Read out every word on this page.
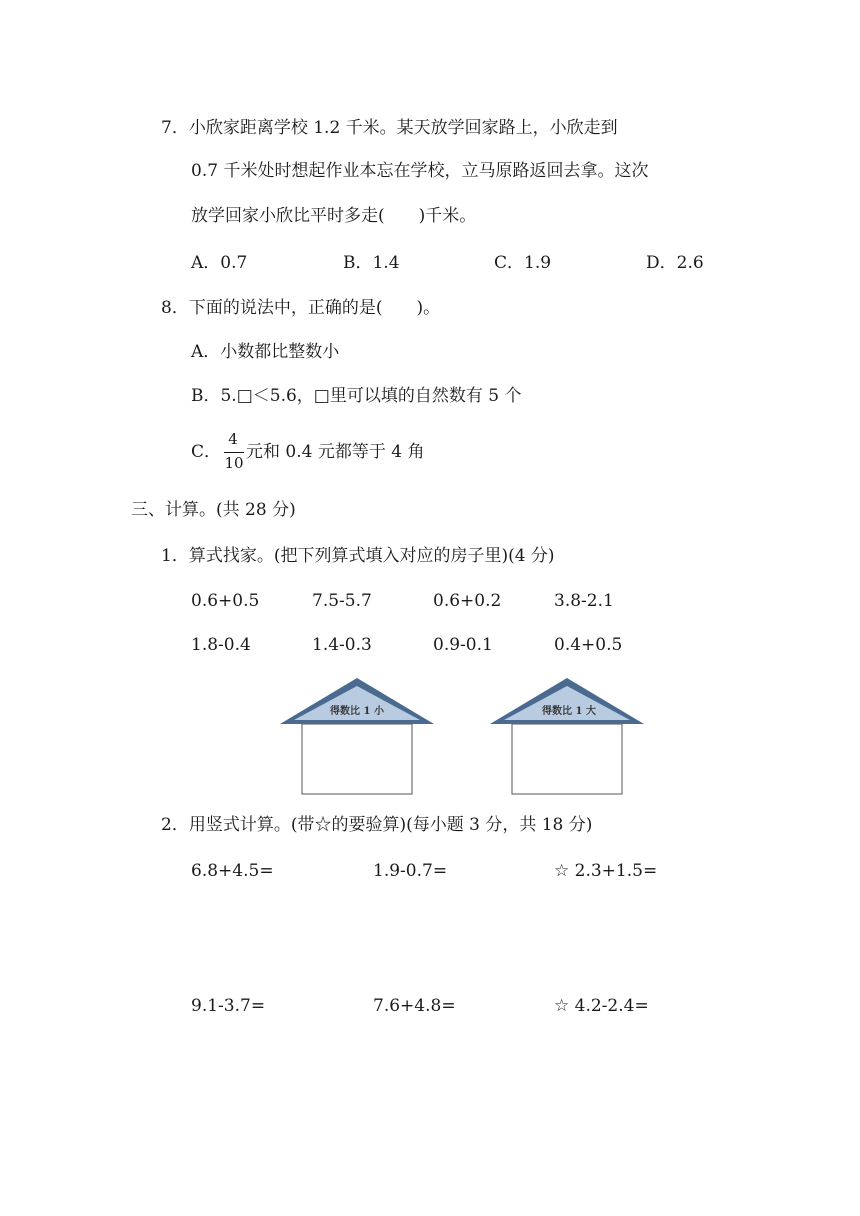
7．小欣家距离学校 1.2 千米。某天放学回家路上，小欣走到
0.7 千米处时想起作业本忘在学校，立马原路返回去拿。这次
放学回家小欣比平时多走(　　)千米。
A．0.7	B．1.4	C．1.9	D．2.6
8．下面的说法中，正确的是(　　)。
A．小数都比整数小
B．5.□＜5.6，□里可以填的自然数有 5 个
C．
4
10
元和 0.4 元都等于 4 角
三、计算。(共 28 分)
1．算式找家。(把下列算式填入对应的房子里)(4 分)
0.6+0.5	7.5-5.7	0.6+0.2	3.8-2.1
1.8-0.4	1.4-0.3	0.9-0.1	0.4+0.5
得数比 1 小	得数比 1 大
2．用竖式计算。(带☆的要验算)(每小题 3 分，共 18 分)
6.8+4.5=	1.9-0.7=	☆ 2.3+1.5=
9.1-3.7=	7.6+4.8=	☆ 4.2-2.4=
